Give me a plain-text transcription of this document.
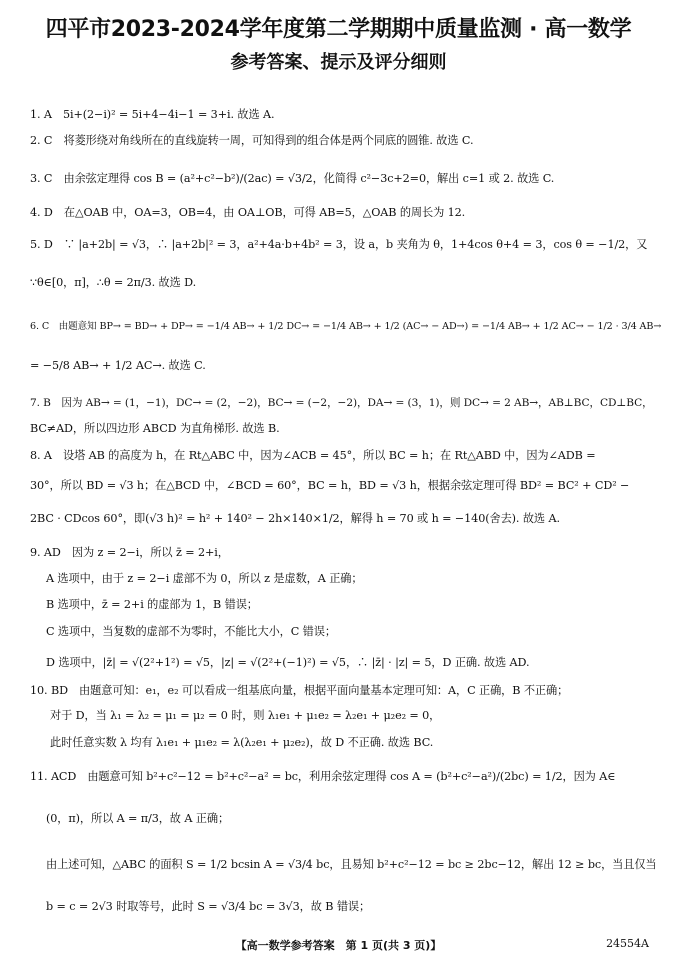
四平市2023-2024学年度第二学期期中质量监测 · 高一数学
参考答案、提示及评分细则
1. A　5i+(2−i)² = 5i+4−4i−1 = 3+i. 故选 A.
2. C　将菱形绕对角线所在的直线旋转一周，可知得到的组合体是两个同底的圆锥. 故选 C.
3. C　由余弦定理得 cos B = (a²+c²−b²)/(2ac) = √3/2，化简得 c²−3c+2=0，解出 c=1 或 2. 故选 C.
4. D　在△OAB 中，OA=3，OB=4，由 OA⊥OB，可得 AB=5，△OAB 的周长为 12.
5. D　∵ |a+2b| = √3，∴ |a+2b|² = 3，a²+4a·b+4b² = 3，设 a，b 夹角为 θ，1+4cos θ+4 = 3，cos θ = −1/2，又
∵θ∈[0，π]，∴θ = 2π/3. 故选 D.
6. C　由题意知 BP→ = BD→ + DP→ = −1/4 AB→ + 1/2 DC→ = −1/4 AB→ + 1/2 (AC→ − AD→) = −1/4 AB→ + 1/2 AC→ − 1/2 · 3/4 AB→
= −5/8 AB→ + 1/2 AC→. 故选 C.
7. B　因为 AB→ = (1，−1)，DC→ = (2，−2)，BC→ = (−2，−2)，DA→ = (3，1)，则 DC→ = 2 AB→，AB⊥BC，CD⊥BC，
BC≠AD，所以四边形 ABCD 为直角梯形. 故选 B.
8. A　设塔 AB 的高度为 h，在 Rt△ABC 中，因为∠ACB = 45°，所以 BC = h；在 Rt△ABD 中，因为∠ADB =
30°，所以 BD = √3 h；在△BCD 中，∠BCD = 60°，BC = h，BD = √3 h，根据余弦定理可得 BD² = BC² + CD² −
2BC · CDcos 60°，即(√3 h)² = h² + 140² − 2h×140×1/2，解得 h = 70 或 h = −140(舍去). 故选 A.
9. AD　因为 z = 2−i，所以 z̄ = 2+i，
A 选项中，由于 z = 2−i 虚部不为 0，所以 z 是虚数，A 正确；
B 选项中，z̄ = 2+i 的虚部为 1，B 错误；
C 选项中，当复数的虚部不为零时，不能比大小，C 错误；
D 选项中，|z̄| = √(2²+1²) = √5，|z| = √(2²+(−1)²) = √5，∴ |z̄| · |z| = 5，D 正确. 故选 AD.
10. BD　由题意可知：e₁，e₂ 可以看成一组基底向量，根据平面向量基本定理可知：A，C 正确，B 不正确；
对于 D，当 λ₁ = λ₂ = μ₁ = μ₂ = 0 时，则 λ₁e₁ + μ₁e₂ = λ₂e₁ + μ₂e₂ = 0，
此时任意实数 λ 均有 λ₁e₁ + μ₁e₂ = λ(λ₂e₁ + μ₂e₂)，故 D 不正确. 故选 BC.
11. ACD　由题意可知 b²+c²−12 = b²+c²−a² = bc，利用余弦定理得 cos A = (b²+c²−a²)/(2bc) = 1/2，因为 A∈
(0，π)，所以 A = π/3，故 A 正确；
由上述可知，△ABC 的面积 S = 1/2 bcsin A = √3/4 bc，且易知 b²+c²−12 = bc ≥ 2bc−12，解出 12 ≥ bc，当且仅当
b = c = 2√3 时取等号，此时 S = √3/4 bc = 3√3，故 B 错误；
【高一数学参考答案　第 1 页(共 3 页)】	24554A
